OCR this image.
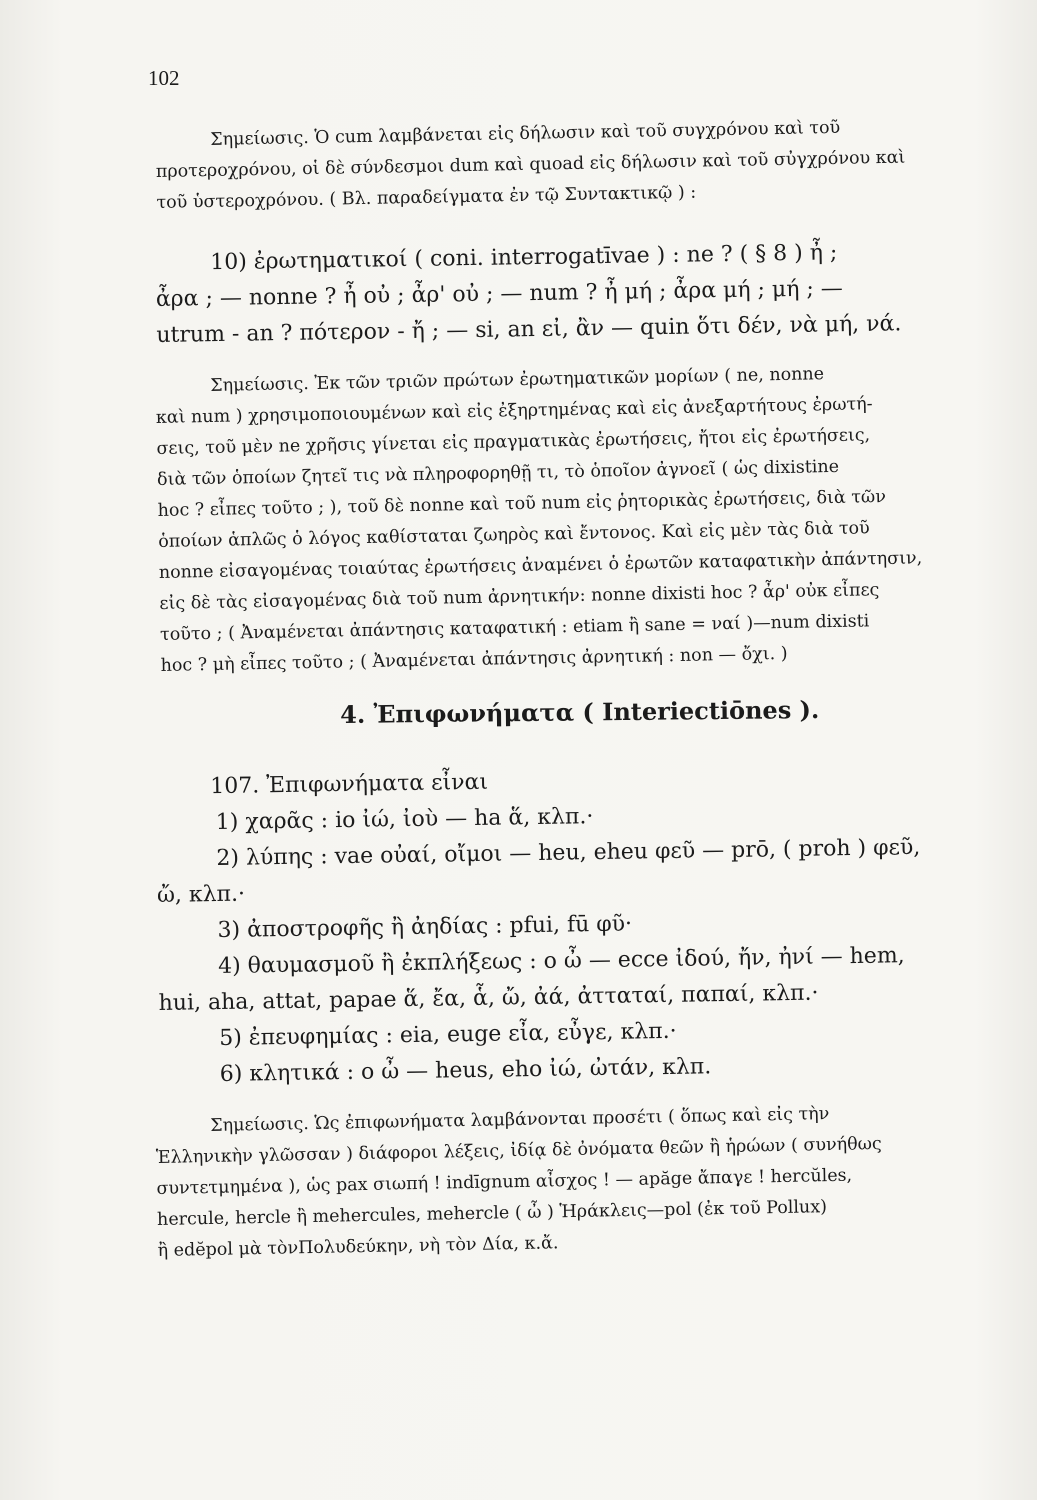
102
Σημείωσις. Ὁ cum λαμβάνεται εἰς δήλωσιν καὶ τοῦ συγχρόνου καὶ τοῦ
προτεροχρόνου, οἱ δὲ σύνδεσμοι dum καὶ quoad εἰς δήλωσιν καὶ τοῦ σὐγχρόνου καὶ
τοῦ ὑστεροχρόνου. ( Βλ. παραδείγματα ἐν τῷ Συντακτικῷ ) :
10) ἐρωτηματικοί ( coni. interrogatīvae ) : ne ? ( § 8 ) ἦ ;
ἆρα ; — nonne ? ἦ οὐ ; ἆρ' οὐ ; — num ? ἦ μή ; ἆρα μή ; μή ; —
utrum - an ? πότερον - ἤ ; — si, an εἰ, ἂν — quin ὅτι δέν, νὰ μή, νά.
Σημείωσις. Ἐκ τῶν τριῶν πρώτων ἐρωτηματικῶν μορίων ( ne, nonne
καὶ num ) χρησιμοποιουμένων καὶ εἰς ἐξηρτημένας καὶ εἰς ἀνεξαρτήτους ἐρωτή-
σεις, τοῦ μὲν ne χρῆσις γίνεται εἰς πραγματικὰς ἐρωτήσεις, ἤτοι εἰς ἐρωτήσεις,
διὰ τῶν ὁποίων ζητεῖ τις νὰ πληροφορηθῇ τι, τὸ ὁποῖον ἀγνοεῖ ( ὡς dixistine
hoc ? εἶπες τοῦτο ; ), τοῦ δὲ nonne καὶ τοῦ num εἰς ῥητορικὰς ἐρωτήσεις, διὰ τῶν
ὁποίων ἁπλῶς ὁ λόγος καθίσταται ζωηρὸς καὶ ἔντονος. Καὶ εἰς μὲν τὰς διὰ τοῦ
nonne εἰσαγομένας τοιαύτας ἐρωτήσεις ἀναμένει ὁ ἐρωτῶν καταφατικὴν ἀπάντησιν,
εἰς δὲ τὰς εἰσαγομένας διὰ τοῦ num ἀρνητικήν: nonne dixisti hoc ? ἆρ' οὐκ εἶπες
τοῦτο ; ( Ἀναμένεται ἀπάντησις καταφατική : etiam ἢ sane = ναί )—num dixisti
hoc ? μὴ εἶπες τοῦτο ; ( Ἀναμένεται ἀπάντησις ἀρνητική : non — ὄχι. )
4. Ἐπιφωνήματα ( Interiectiōnes ).
107. Ἐπιφωνήματα εἶναι
1) χαρᾶς : io ἰώ, ἰοὺ — ha ἅ, κλπ.·
2) λύπης : vae οὐαί, οἴμοι — heu, eheu φεῦ — prō, ( proh ) φεῦ,
ὤ, κλπ.·
3) ἀποστροφῆς ἢ ἀηδίας : pfui, fū φῦ·
4) θαυμασμοῦ ἢ ἐκπλήξεως : o ὦ — ecce ἰδού, ἤν, ἠνί — hem,
hui, aha, attat, papae ἅ, ἔα, ἇ, ὤ, ἀά, ἀτταταί, παπαί, κλπ.·
5) ἐπευφημίας : eia, euge εἶα, εὖγε, κλπ.·
6) κλητικά : o ὦ — heus, eho ἰώ, ὠτάν, κλπ.
Σημείωσις. Ὡς ἐπιφωνήματα λαμβάνονται προσέτι ( ὅπως καὶ εἰς τὴν
Ἑλληνικὴν γλῶσσαν ) διάφοροι λέξεις, ἰδίᾳ δὲ ὀνόματα θεῶν ἢ ἡρώων ( συνήθως
συντετμημένα ), ὡς pax σιωπή ! indīgnum αἶσχος ! — apăge ἄπαγε ! hercŭles,
hercule, hercle ἢ mehercules, mehercle ( ὦ ) Ἡράκλεις—pol (ἐκ τοῦ Pollux)
ἢ edĕpol μὰ τὸνΠολυδεύκην, νὴ τὸν Δία, κ.ἄ.
